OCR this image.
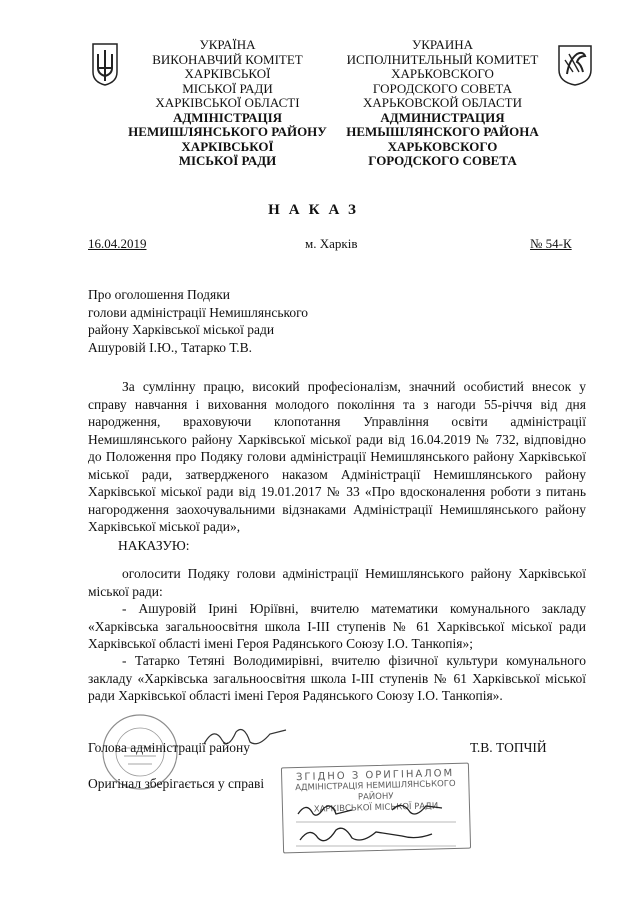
УКРАЇНА
ВИКОНАВЧИЙ КОМІТЕТ
ХАРКІВСЬКОЇ
МІСЬКОЇ РАДИ
ХАРКІВСЬКОЇ ОБЛАСТІ
АДМІНІСТРАЦІЯ
НЕМИШЛЯНСЬКОГО РАЙОНУ
ХАРКІВСЬКОЇ
МІСЬКОЇ РАДИ
УКРАИНА
ИСПОЛНИТЕЛЬНЫЙ КОМИТЕТ
ХАРЬКОВСКОГО
ГОРОДСКОГО СОВЕТА
ХАРЬКОВСКОЙ ОБЛАСТИ
АДМИНИСТРАЦИЯ
НЕМЫШЛЯНСКОГО РАЙОНА
ХАРЬКОВСКОГО
ГОРОДСКОГО СОВЕТА
НАКАЗ
16.04.2019	м. Харків	№ 54-К
Про оголошення Подяки
голови адміністрації Немишлянського
району Харківської міської ради
Ашуровій І.Ю., Татарко Т.В.
За сумлінну працю, високий професіоналізм, значний особистий внесок у справу навчання і виховання молодого покоління та з нагоди 55-річчя від дня народження, враховуючи клопотання Управління освіти адміністрації Немишлянського району Харківської міської ради від 16.04.2019 № 732, відповідно до Положення про Подяку голови адміністрації Немишлянського району Харківської міської ради, затвердженого наказом Адміністрації Немишлянського району Харківської міської ради від 19.01.2017 № 33 «Про вдосконалення роботи з питань нагородження заохочувальними відзнаками Адміністрації Немишлянського району Харківської міської ради»,
НАКАЗУЮ:
оголосити Подяку голови адміністрації Немишлянського району Харківської міської ради:
- Ашуровій Ірині Юріївні, вчителю математики комунального закладу «Харківська загальноосвітня школа І-ІІІ ступенів № 61 Харківської міської ради Харківської області імені Героя Радянського Союзу І.О. Танкопія»;
- Татарко Тетяні Володимирівні, вчителю фізичної культури комунального закладу «Харківська загальноосвітня школа І-ІІІ ступенів № 61 Харківської міської ради Харківської області імені Героя Радянського Союзу І.О. Танкопія».
Голова адміністрації району	Т.В. ТОПЧІЙ
Оригінал зберігається у справі
ЗГІДНО З ОРИГІНАЛОМ
АДМІНІСТРАЦІЯ НЕМИШЛЯНСЬКОГО РАЙОНУ
ХАРКІВСЬКОЇ МІСЬКОЇ РАДИ
